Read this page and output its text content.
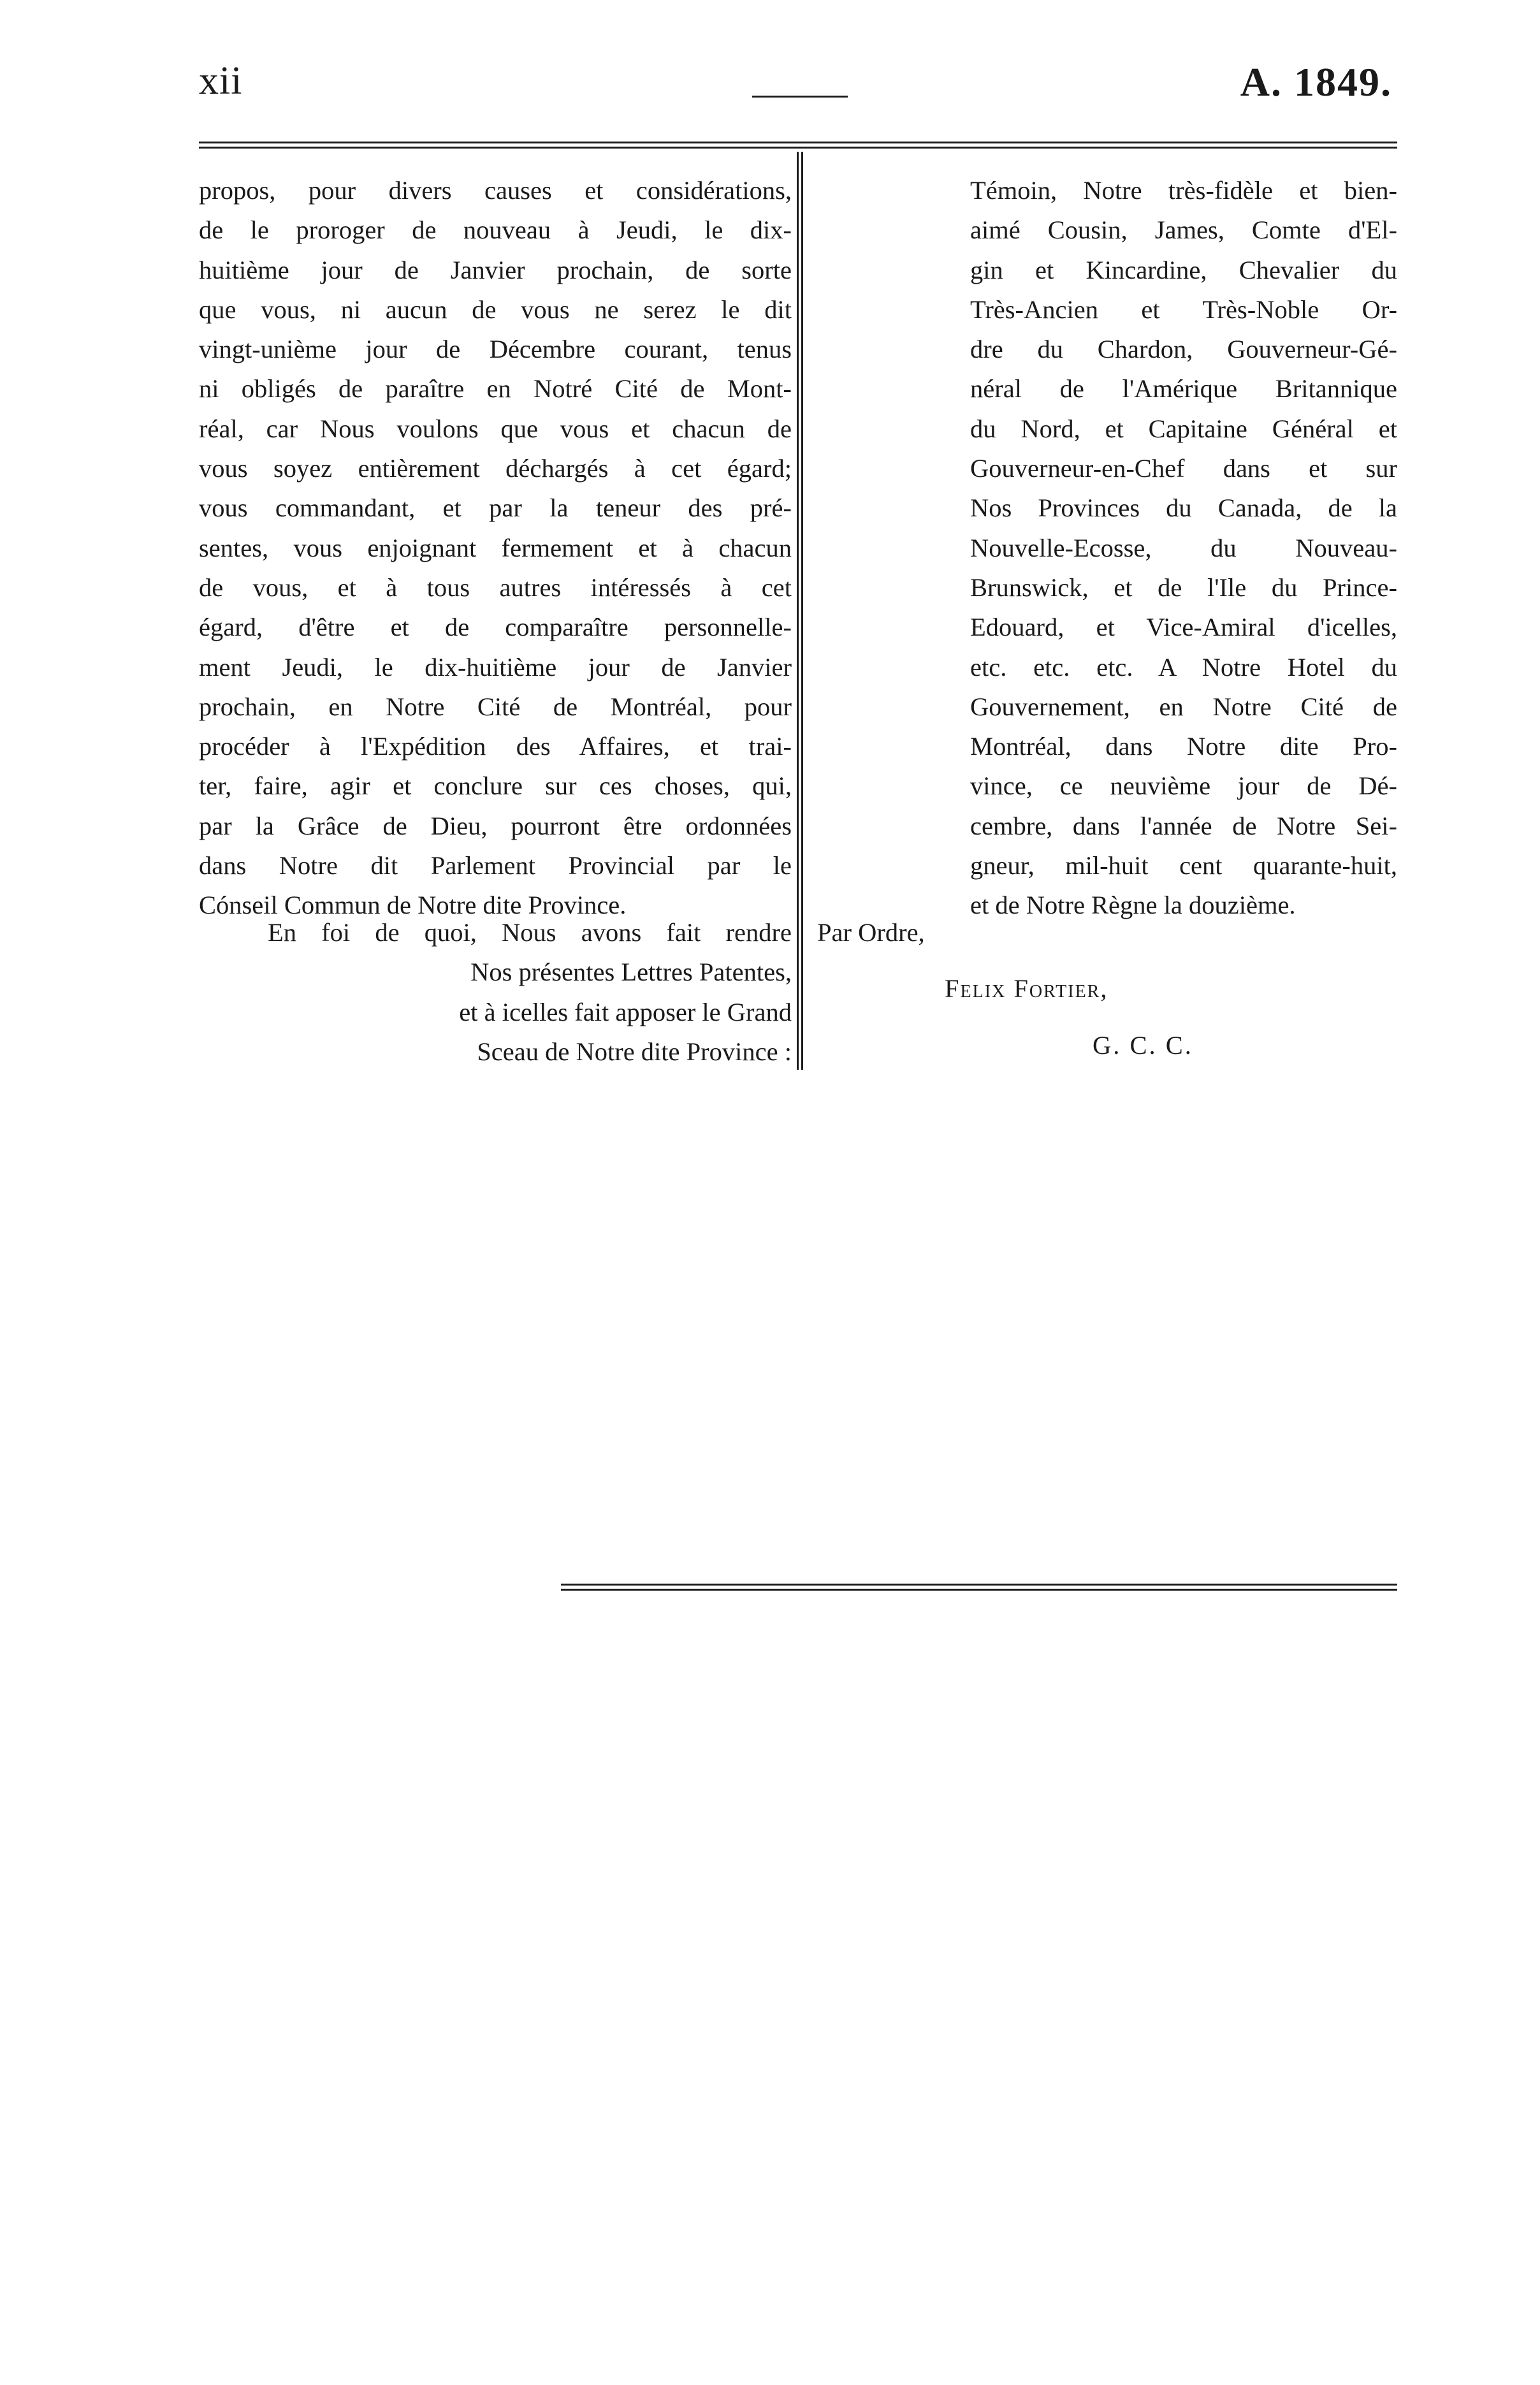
xii	A. 1849.

propos, pour divers causes et considérations,
de le proroger de nouveau à Jeudi, le dix-
huitième jour de Janvier prochain, de sorte
que vous, ni aucun de vous ne serez le dit
vingt-unième jour de Décembre courant, tenus
ni obligés de paraître en Notré Cité de Mont-
réal, car Nous voulons que vous et chacun de
vous soyez entièrement déchargés à cet égard;
vous commandant, et par la teneur des pré-
sentes, vous enjoignant fermement et à chacun
de vous, et à tous autres intéressés à cet
égard, d'être et de comparaître personnelle-
ment Jeudi, le dix-huitième jour de Janvier
prochain, en Notre Cité de Montréal, pour
procéder à l'Expédition des Affaires, et trai-
ter, faire, agir et conclure sur ces choses, qui,
par la Grâce de Dieu, pourront être ordonnées
dans Notre dit Parlement Provincial par le
Cónseil Commun de Notre dite Province.

En foi de quoi, Nous avons fait rendre
Nos présentes Lettres Patentes,
et à icelles fait apposer le Grand
Sceau de Notre dite Province :

Témoin, Notre très-fidèle et bien-
aimé Cousin, James, Comte d'El-
gin et Kincardine, Chevalier du
Très-Ancien et Très-Noble Or-
dre du Chardon, Gouverneur-Gé-
néral de l'Amérique Britannique
du Nord, et Capitaine Général et
Gouverneur-en-Chef dans et sur
Nos Provinces du Canada, de la
Nouvelle-Ecosse, du Nouveau-
Brunswick, et de l'Ile du Prince-
Edouard, et Vice-Amiral d'icelles,
etc. etc. etc. A Notre Hotel du
Gouvernement, en Notre Cité de
Montréal, dans Notre dite Pro-
vince, ce neuvième jour de Dé-
cembre, dans l'année de Notre Sei-
gneur, mil-huit cent quarante-huit,
et de Notre Règne la douzième.

Par Ordre,
Felix Fortier,
G. C. C.
